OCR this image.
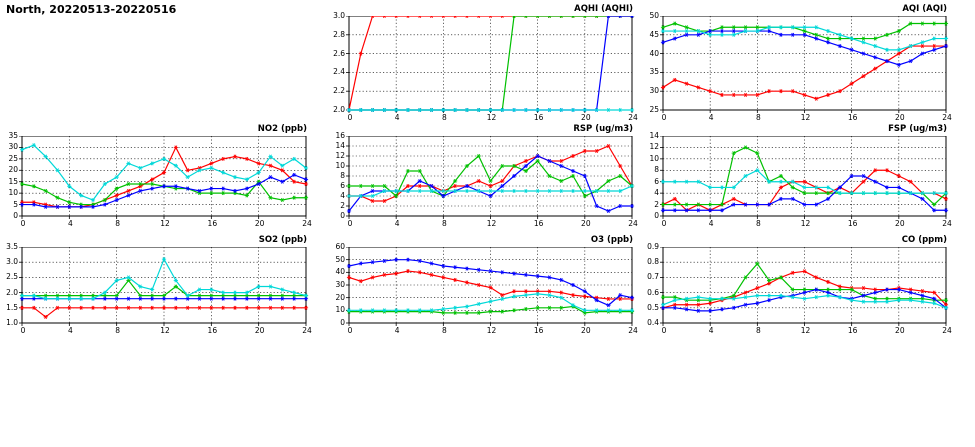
North, 20220513-20220516	AQHI (AQHI)
0	4	8	12	16	20	24
2.0
2.2
2.4
2.6
2.8
3.0
AQI (AQI)
0	4	8	12	16	20	24
25
30
35
40
45
50
NO2 (ppb)
0	4	8	12	16	20	24
0
5
10
15
20
25
30
35
RSP (ug/m3)
0	4	8	12	16	20	24
0
2
4
6
8
10
12
14
16
FSP (ug/m3)
0	4	8	12	16	20	24
0
2
4
6
8
10
12
14
SO2 (ppb)
0	4	8	12	16	20	24
1.0
1.5
2.0
2.5
3.0
3.5
O3 (ppb)
0	4	8	12	16	20	24
0
10
20
30
40
50
60
CO (ppm)
0	4	8	12	16	20	24
0.4
0.5
0.6
0.7
0.8
0.9
